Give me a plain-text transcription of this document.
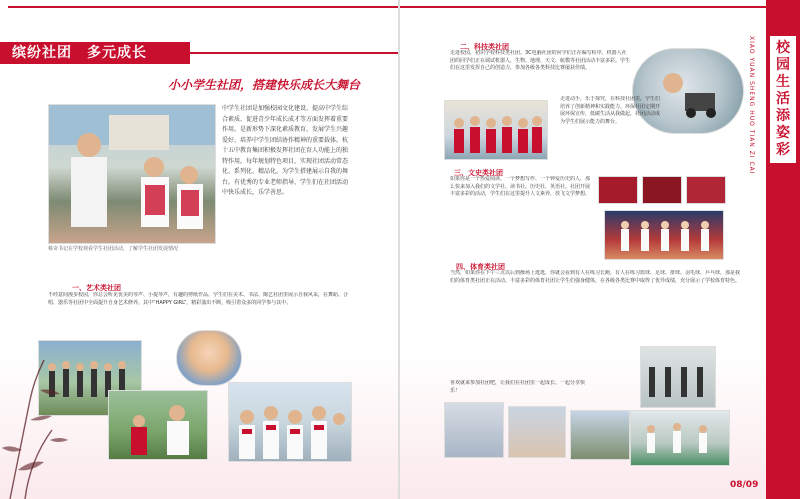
缤纷社团　多元成长
小小学生社团，搭建快乐成长大舞台
蔡奇书记在学校观看学生社团活动，了解学生社团发展情况
中学生社团是加强校园文化建设、提高中学生综合素质、促进青少年成长成才等方面发挥着重要作用。是新形势下深化素质教育、发展学生兴趣爱好、培养中学生团结协作精神的重要载体。杭十五中教育集团积极发挥社团在育人功能上的独特作用，每年规划特色项目，实现社团活动常态化、系列化、精品化，为学生搭建展示自我的舞台。有优秀的专业老师指导，学生们在社团活动中快乐成长，乐学善思。
一、艺术类社团
不经意间漫步校园，你总会听见优美的琴声、小提琴声，有趣的剪纸作品。学生们在美术、书法、陶艺社团里展示自我风采，在舞蹈、合唱、器乐等社团中全面提升自身艺术修养。其中“HAPPY GIRL”，精彩演出不断，吸引着众多的同学参与其中。
二、科技类社团
走进校园，初识学校科技类社团。3C电脑社团的同学们正在编写程序，机器人社团的同学们正在调试机器人，生物、地理、天文、航模等社团活动丰富多彩。学生们在这里发挥自己的创造力，参加各级各类科技比赛屡获佳绩。
走进动手，乐于探究，在科技社团里，学生们培养了创新精神和实践能力。环保社团定期开展环保宣传，低碳生活从我做起，社团活动成为学生们展示能力的舞台。
三、文史类社团
如果你是一个热爱阅读、一个梦想写作、一个钟爱历史的人，那么快来加入我们的文学社、读书社、历史社、英语社。社团开展丰富多彩的活动，学生们在这里提升人文素养，放飞文学梦想。
四、体育类社团
当然，如果你在下午三点以后到操场上逛逛，你就会看到有人在练习长跑，有人在练习篮球、足球、排球、羽毛球、乒乓球，那是我们的体育类社团正在活动。丰富多彩的体育社团让学生们强身健体，在各级各类比赛中取得了优异成绩，充分展示了学校体育特色。
喜欢就来参加社团吧，让我们在社团里一起成长、一起分享快乐！
校园生活添姿彩
XIAO YUAN SHENG HUO TIAN ZI CAI
08/09
